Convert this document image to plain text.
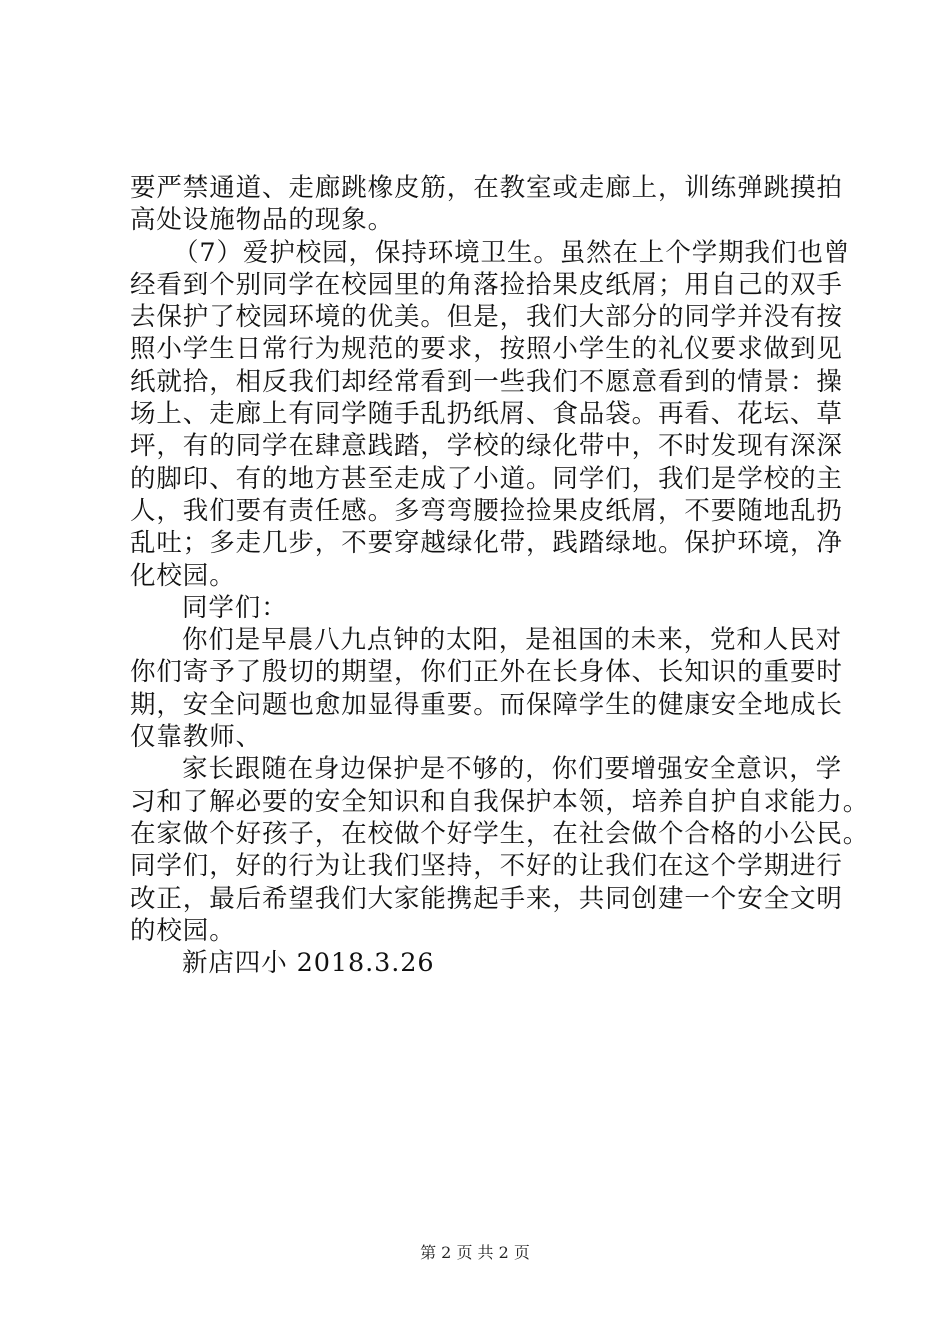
要严禁通道、走廊跳橡皮筋，在教室或走廊上，训练弹跳摸拍
高处设施物品的现象。
（7）爱护校园，保持环境卫生。虽然在上个学期我们也曾
经看到个别同学在校园里的角落捡拾果皮纸屑；用自己的双手
去保护了校园环境的优美。但是，我们大部分的同学并没有按
照小学生日常行为规范的要求，按照小学生的礼仪要求做到见
纸就拾，相反我们却经常看到一些我们不愿意看到的情景：操
场上、走廊上有同学随手乱扔纸屑、食品袋。再看、花坛、草
坪，有的同学在肆意践踏，学校的绿化带中，不时发现有深深
的脚印、有的地方甚至走成了小道。同学们，我们是学校的主
人，我们要有责任感。多弯弯腰捡捡果皮纸屑，不要随地乱扔
乱吐；多走几步，不要穿越绿化带，践踏绿地。保护环境，净
化校园。
同学们：
你们是早晨八九点钟的太阳，是祖国的未来，党和人民对
你们寄予了殷切的期望，你们正外在长身体、长知识的重要时
期，安全问题也愈加显得重要。而保障学生的健康安全地成长
仅靠教师、
家长跟随在身边保护是不够的，你们要增强安全意识，学
习和了解必要的安全知识和自我保护本领，培养自护自求能力。
在家做个好孩子，在校做个好学生，在社会做个合格的小公民。
同学们，好的行为让我们坚持，不好的让我们在这个学期进行
改正，最后希望我们大家能携起手来，共同创建一个安全文明
的校园。
新店四小 2018.3.26
第 2 页 共 2 页
